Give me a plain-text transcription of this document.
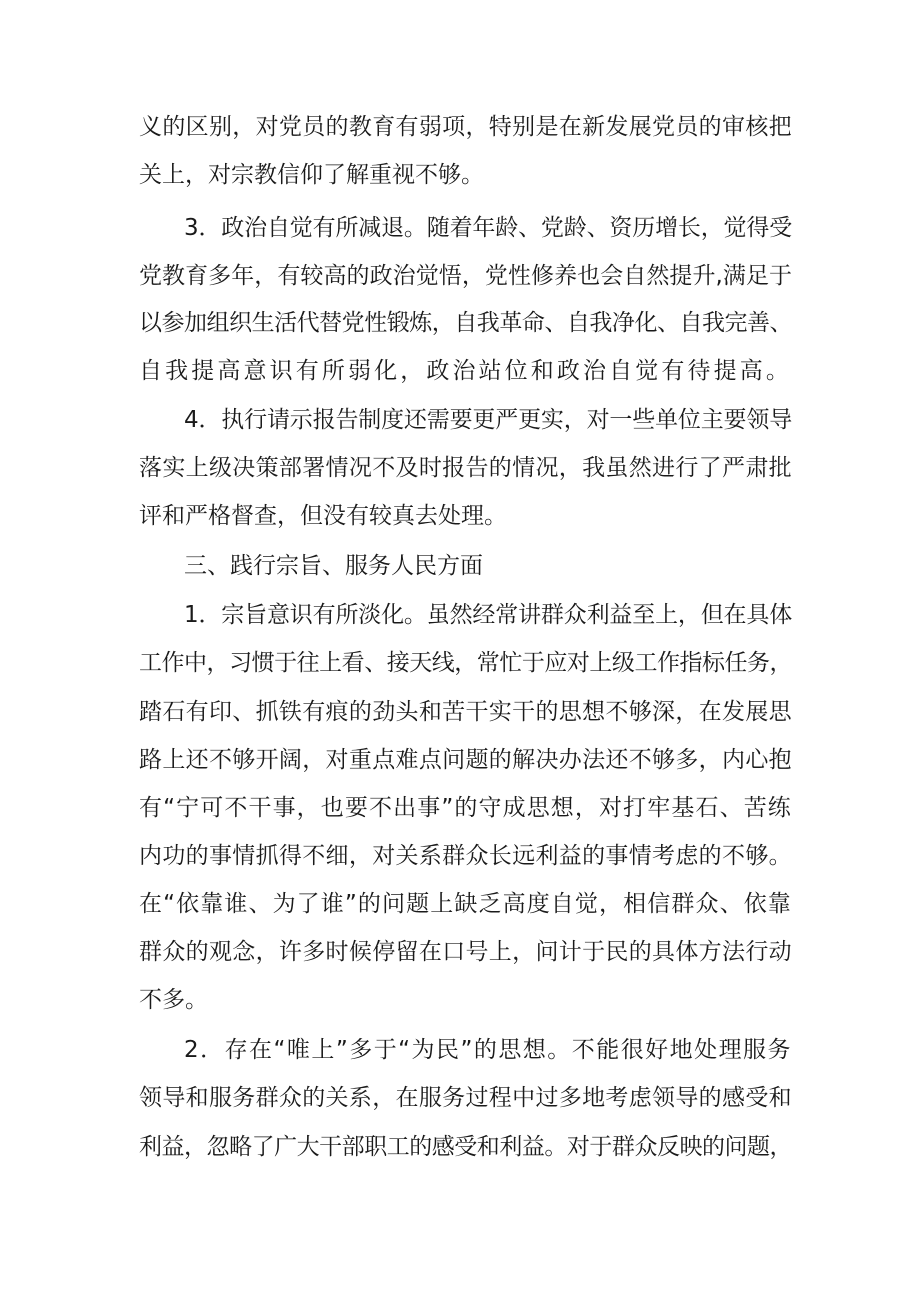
义的区别，对党员的教育有弱项，特别是在新发展党员的审核把
关上，对宗教信仰了解重视不够。
3．政治自觉有所减退。随着年龄、党龄、资历增长，觉得受
党教育多年，有较高的政治觉悟，党性修养也会自然提升,满足于
以参加组织生活代替党性锻炼，自我革命、自我净化、自我完善、
自我提高意识有所弱化，政治站位和政治自觉有待提高。
4．执行请示报告制度还需要更严更实，对一些单位主要领导
落实上级决策部署情况不及时报告的情况，我虽然进行了严肃批
评和严格督查，但没有较真去处理。
三、践行宗旨、服务人民方面
1．宗旨意识有所淡化。虽然经常讲群众利益至上，但在具体
工作中，习惯于往上看、接天线，常忙于应对上级工作指标任务，
踏石有印、抓铁有痕的劲头和苦干实干的思想不够深，在发展思
路上还不够开阔，对重点难点问题的解决办法还不够多，内心抱
有“宁可不干事，也要不出事”的守成思想，对打牢基石、苦练
内功的事情抓得不细，对关系群众长远利益的事情考虑的不够。
在“依靠谁、为了谁”的问题上缺乏高度自觉，相信群众、依靠
群众的观念，许多时候停留在口号上，问计于民的具体方法行动
不多。
2．存在“唯上”多于“为民”的思想。不能很好地处理服务
领导和服务群众的关系，在服务过程中过多地考虑领导的感受和
利益，忽略了广大干部职工的感受和利益。对于群众反映的问题，
